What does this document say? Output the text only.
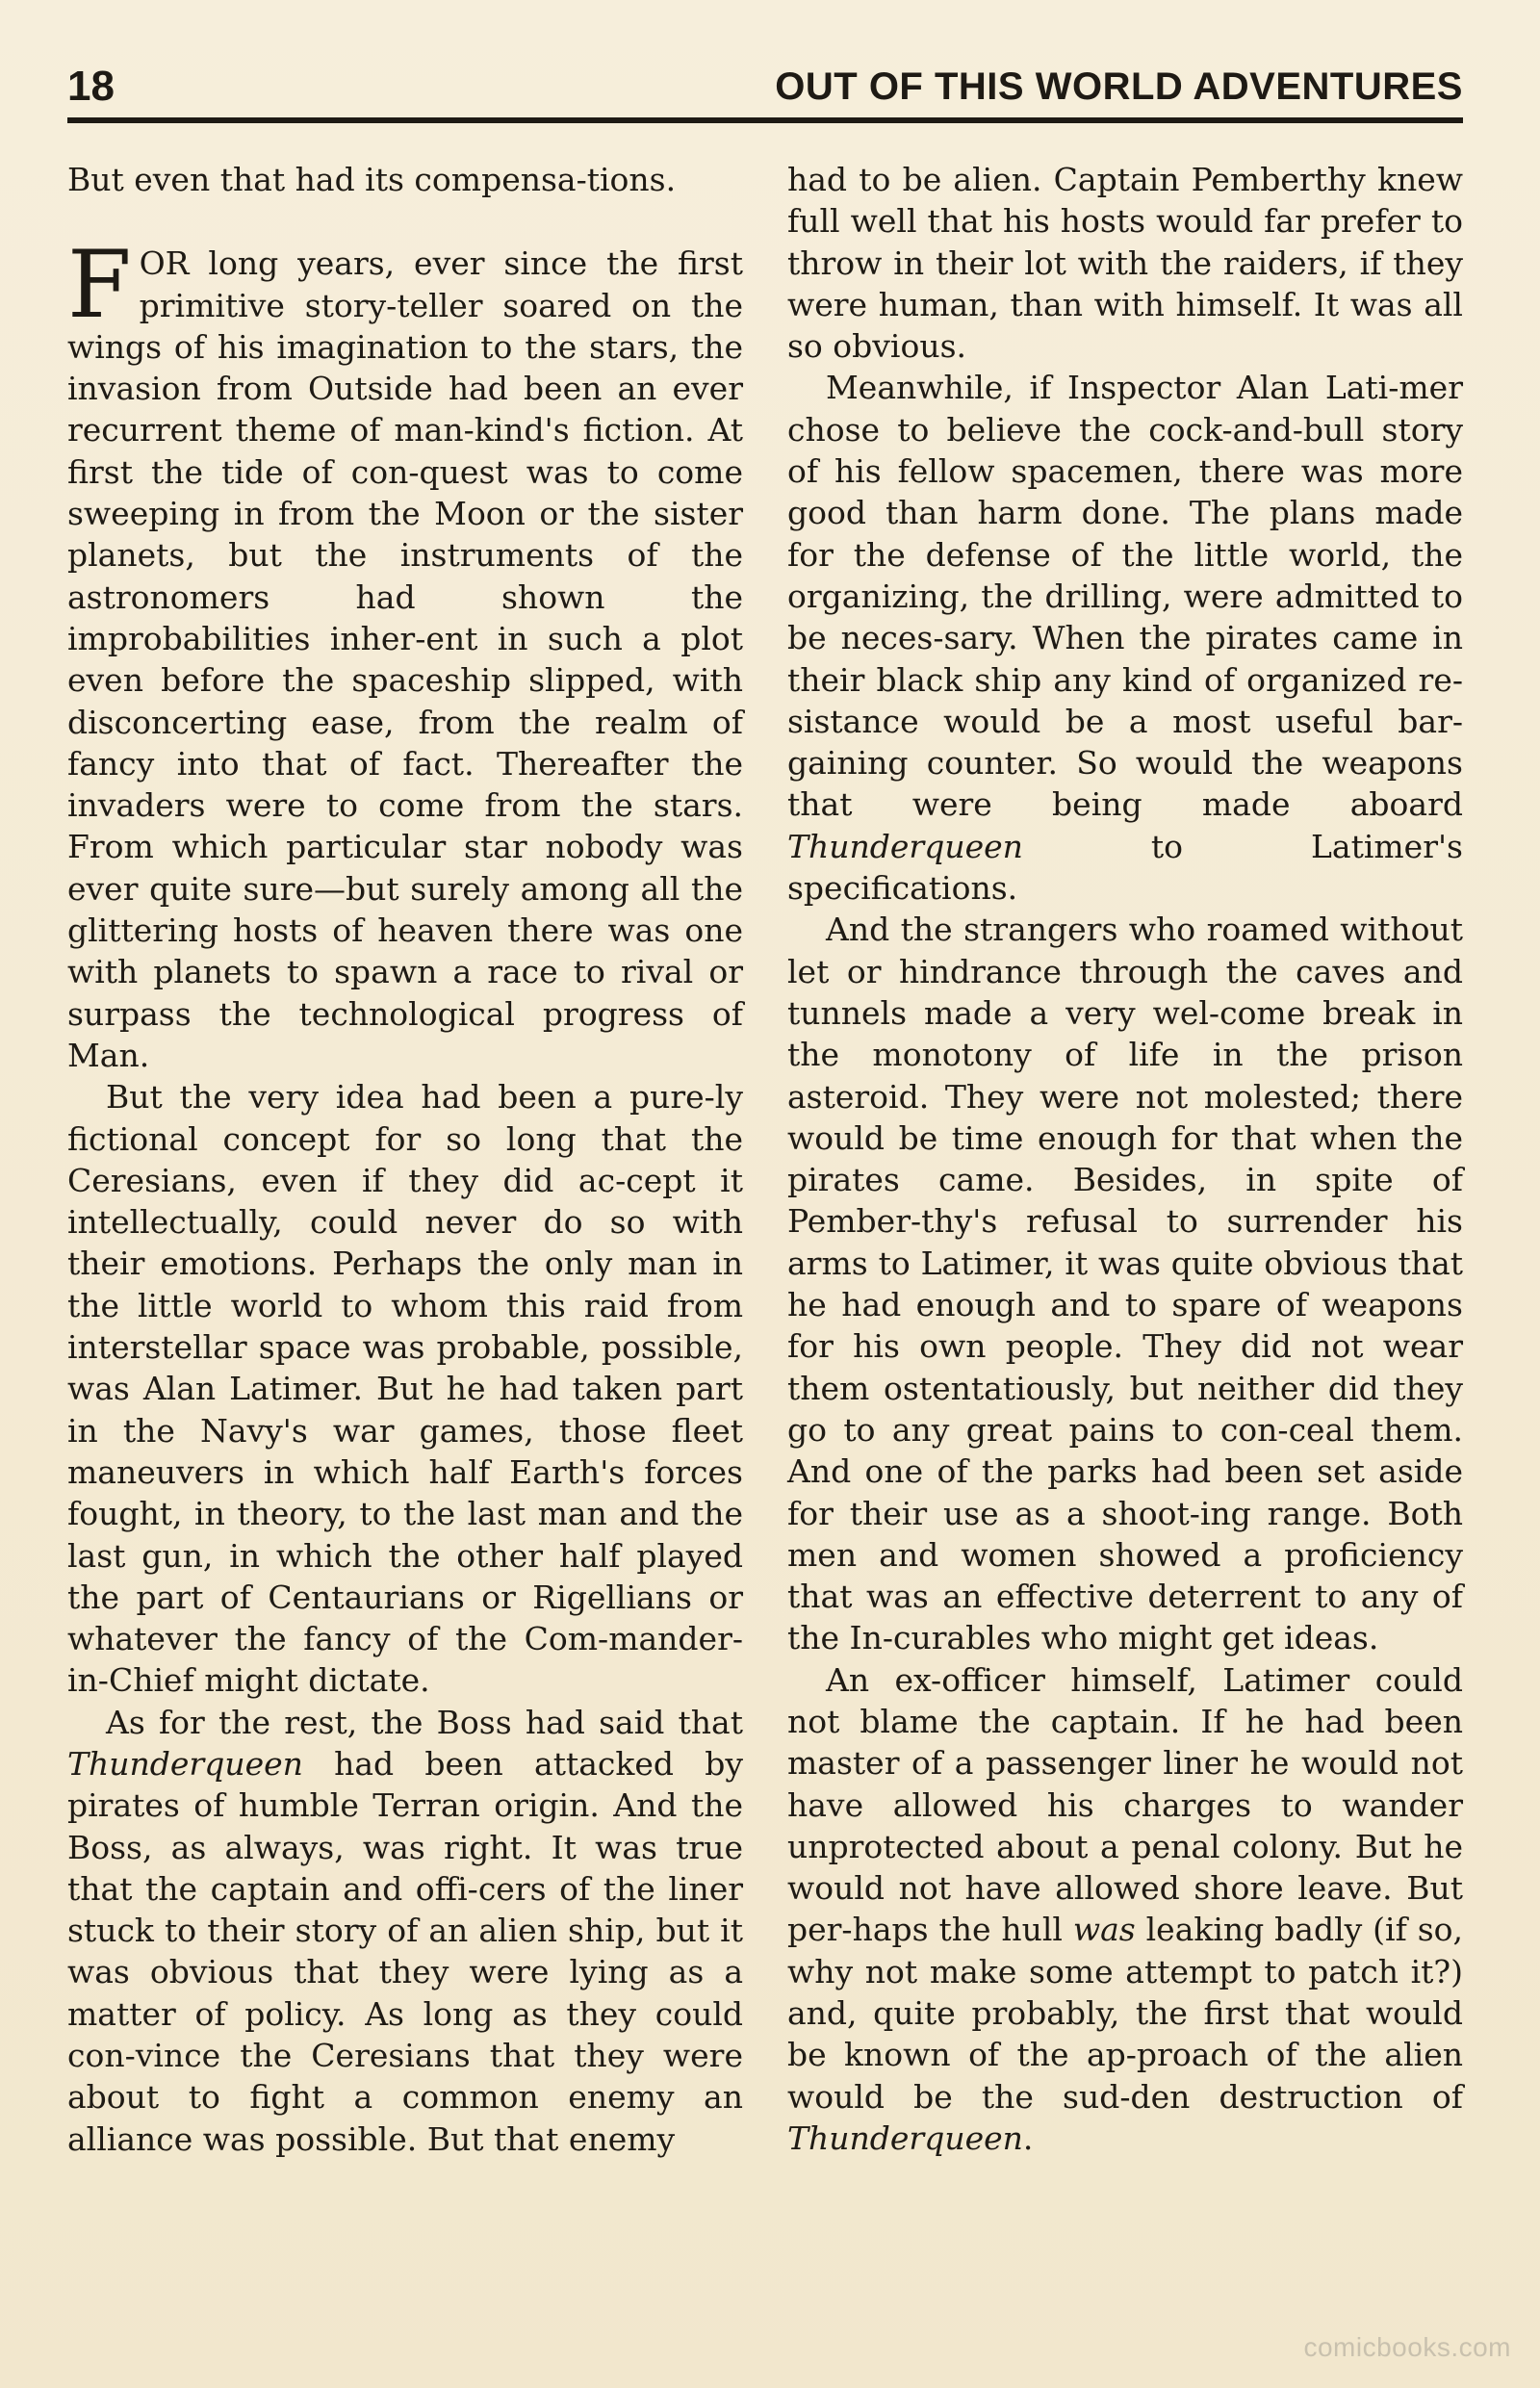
18	OUT OF THIS WORLD ADVENTURES

But even that had its compensa-tions.

FOR long years, ever since the first primitive story-teller soared on the wings of his imagination to the stars, the invasion from Outside had been an ever recurrent theme of man-kind's fiction. At first the tide of con-quest was to come sweeping in from the Moon or the sister planets, but the instruments of the astronomers had shown the improbabilities inher-ent in such a plot even before the spaceship slipped, with disconcerting ease, from the realm of fancy into that of fact. Thereafter the invaders were to come from the stars. From which particular star nobody was ever quite sure—but surely among all the glittering hosts of heaven there was one with planets to spawn a race to rival or surpass the technological progress of Man.

But the very idea had been a pure-ly fictional concept for so long that the Ceresians, even if they did ac-cept it intellectually, could never do so with their emotions. Perhaps the only man in the little world to whom this raid from interstellar space was probable, possible, was Alan Latimer. But he had taken part in the Navy's war games, those fleet maneuvers in which half Earth's forces fought, in theory, to the last man and the last gun, in which the other half played the part of Centaurians or Rigellians or whatever the fancy of the Com-mander-in-Chief might dictate.

As for the rest, the Boss had said that Thunderqueen had been attacked by pirates of humble Terran origin. And the Boss, as always, was right. It was true that the captain and offi-cers of the liner stuck to their story of an alien ship, but it was obvious that they were lying as a matter of policy. As long as they could con-vince the Ceresians that they were about to fight a common enemy an alliance was possible. But that enemy

had to be alien. Captain Pemberthy knew full well that his hosts would far prefer to throw in their lot with the raiders, if they were human, than with himself. It was all so obvious.

Meanwhile, if Inspector Alan Lati-mer chose to believe the cock-and-bull story of his fellow spacemen, there was more good than harm done. The plans made for the defense of the little world, the organizing, the drilling, were admitted to be neces-sary. When the pirates came in their black ship any kind of organized re-sistance would be a most useful bar-gaining counter. So would the weapons that were being made aboard Thunderqueen to Latimer's specifications.

And the strangers who roamed without let or hindrance through the caves and tunnels made a very wel-come break in the monotony of life in the prison asteroid. They were not molested; there would be time enough for that when the pirates came. Besides, in spite of Pember-thy's refusal to surrender his arms to Latimer, it was quite obvious that he had enough and to spare of weapons for his own people. They did not wear them ostentatiously, but neither did they go to any great pains to con-ceal them. And one of the parks had been set aside for their use as a shoot-ing range. Both men and women showed a proficiency that was an effective deterrent to any of the In-curables who might get ideas.

An ex-officer himself, Latimer could not blame the captain. If he had been master of a passenger liner he would not have allowed his charges to wander unprotected about a penal colony. But he would not have allowed shore leave. But per-haps the hull was leaking badly (if so, why not make some attempt to patch it?) and, quite probably, the first that would be known of the ap-proach of the alien would be the sud-den destruction of Thunderqueen.

comicbooks.com
